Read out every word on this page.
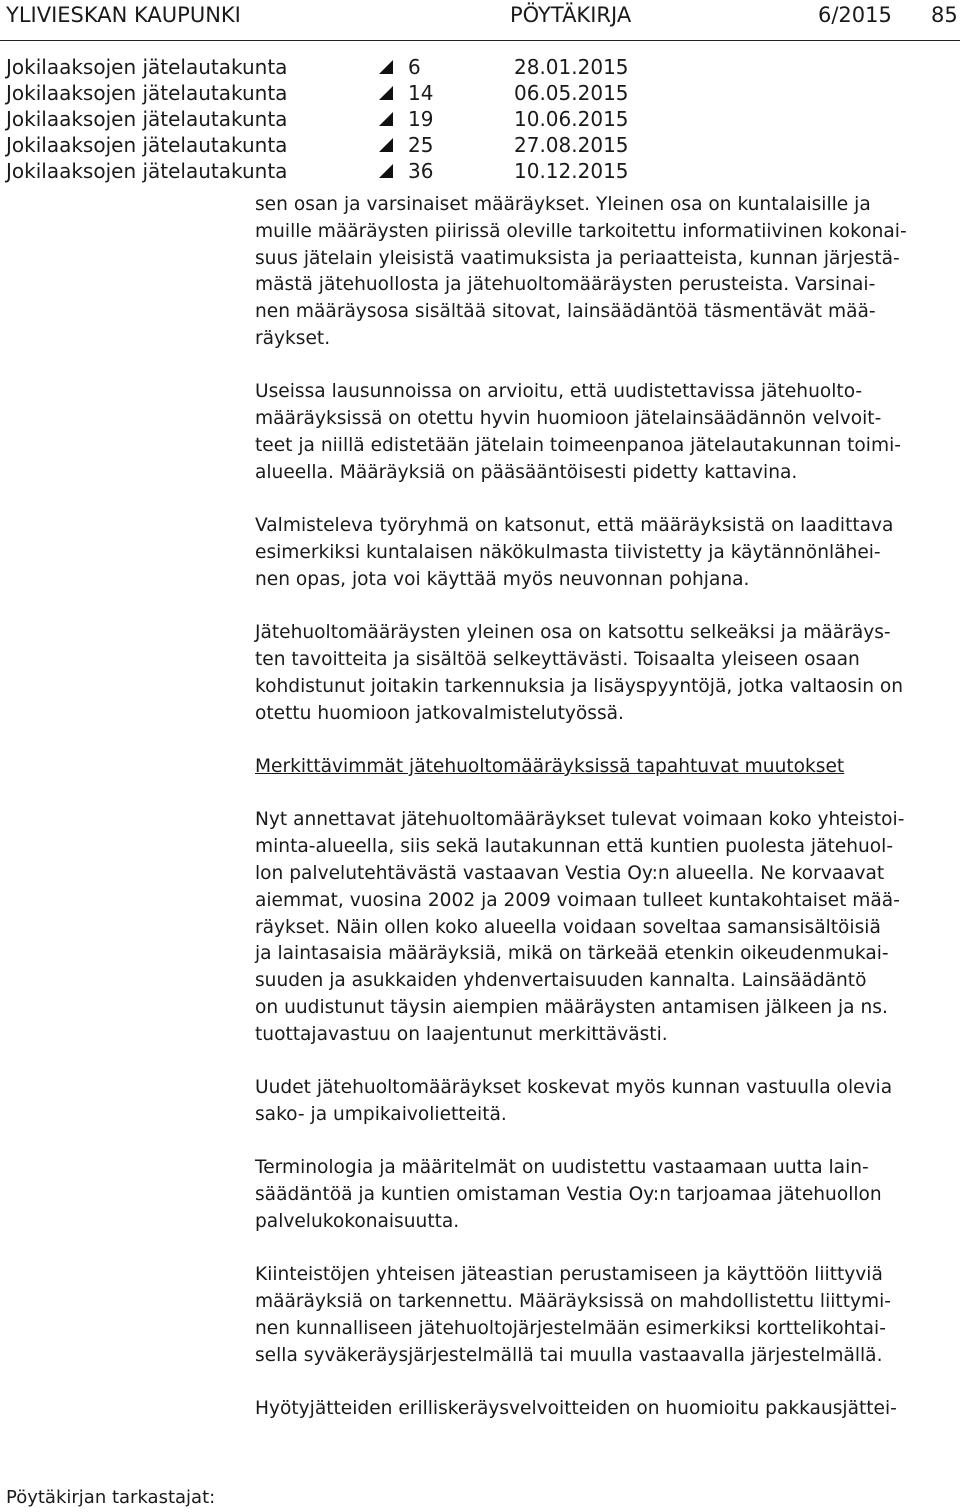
YLIVIESKAN KAUPUNKI	PÖYTÄKIRJA	6/2015 85
Jokilaaksojen jätelautakunta	6	28.01.2015
Jokilaaksojen jätelautakunta	14	06.05.2015
Jokilaaksojen jätelautakunta	19	10.06.2015
Jokilaaksojen jätelautakunta	25	27.08.2015
Jokilaaksojen jätelautakunta	36	10.12.2015
sen osan ja varsinaiset määräykset. Yleinen osa on kuntalaisille ja
muille määräysten piirissä oleville tarkoitettu informatiivinen kokonai-
suus jätelain yleisistä vaatimuksista ja periaatteista, kunnan järjestä-
mästä jätehuollosta ja jätehuoltomääräysten perusteista. Varsinai-
nen määräysosa sisältää sitovat, lainsäädäntöä täsmentävät mää-
räykset.
Useissa lausunnoissa on arvioitu, että uudistettavissa jätehuolto-
määräyksissä on otettu hyvin huomioon jätelainsäädännön velvoit-
teet ja niillä edistetään jätelain toimeenpanoa jätelautakunnan toimi-
alueella. Määräyksiä on pääsääntöisesti pidetty kattavina.
Valmisteleva työryhmä on katsonut, että määräyksistä on laadittava
esimerkiksi kuntalaisen näkökulmasta tiivistetty ja käytännönlähei-
nen opas, jota voi käyttää myös neuvonnan pohjana.
Jätehuoltomääräysten yleinen osa on katsottu selkeäksi ja määräys-
ten tavoitteita ja sisältöä selkeyttävästi. Toisaalta yleiseen osaan
kohdistunut joitakin tarkennuksia ja lisäyspyyntöjä, jotka valtaosin on
otettu huomioon jatkovalmistelutyössä.
Merkittävimmät jätehuoltomääräyksissä tapahtuvat muutokset
Nyt annettavat jätehuoltomääräykset tulevat voimaan koko yhteistoi-
minta-alueella, siis sekä lautakunnan että kuntien puolesta jätehuol-
lon palvelutehtävästä vastaavan Vestia Oy:n alueella. Ne korvaavat
aiemmat, vuosina 2002 ja 2009 voimaan tulleet kuntakohtaiset mää-
räykset. Näin ollen koko alueella voidaan soveltaa samansisältöisiä
ja laintasaisia määräyksiä, mikä on tärkeää etenkin oikeudenmukai-
suuden ja asukkaiden yhdenvertaisuuden kannalta. Lainsäädäntö
on uudistunut täysin aiempien määräysten antamisen jälkeen ja ns.
tuottajavastuu on laajentunut merkittävästi.
Uudet jätehuoltomääräykset koskevat myös kunnan vastuulla olevia
sako- ja umpikaivolietteitä.
Terminologia ja määritelmät on uudistettu vastaamaan uutta lain-
säädäntöä ja kuntien omistaman Vestia Oy:n tarjoamaa jätehuollon
palvelukokonaisuutta.
Kiinteistöjen yhteisen jäteastian perustamiseen ja käyttöön liittyviä
määräyksiä on tarkennettu. Määräyksissä on mahdollistettu liittymi-
nen kunnalliseen jätehuoltojärjestelmään esimerkiksi korttelikohtai-
sella syväkeräysjärjestelmällä tai muulla vastaavalla järjestelmällä.
Hyötyjätteiden erilliskeräysvelvoitteiden on huomioitu pakkausjättei-
Pöytäkirjan tarkastajat:
